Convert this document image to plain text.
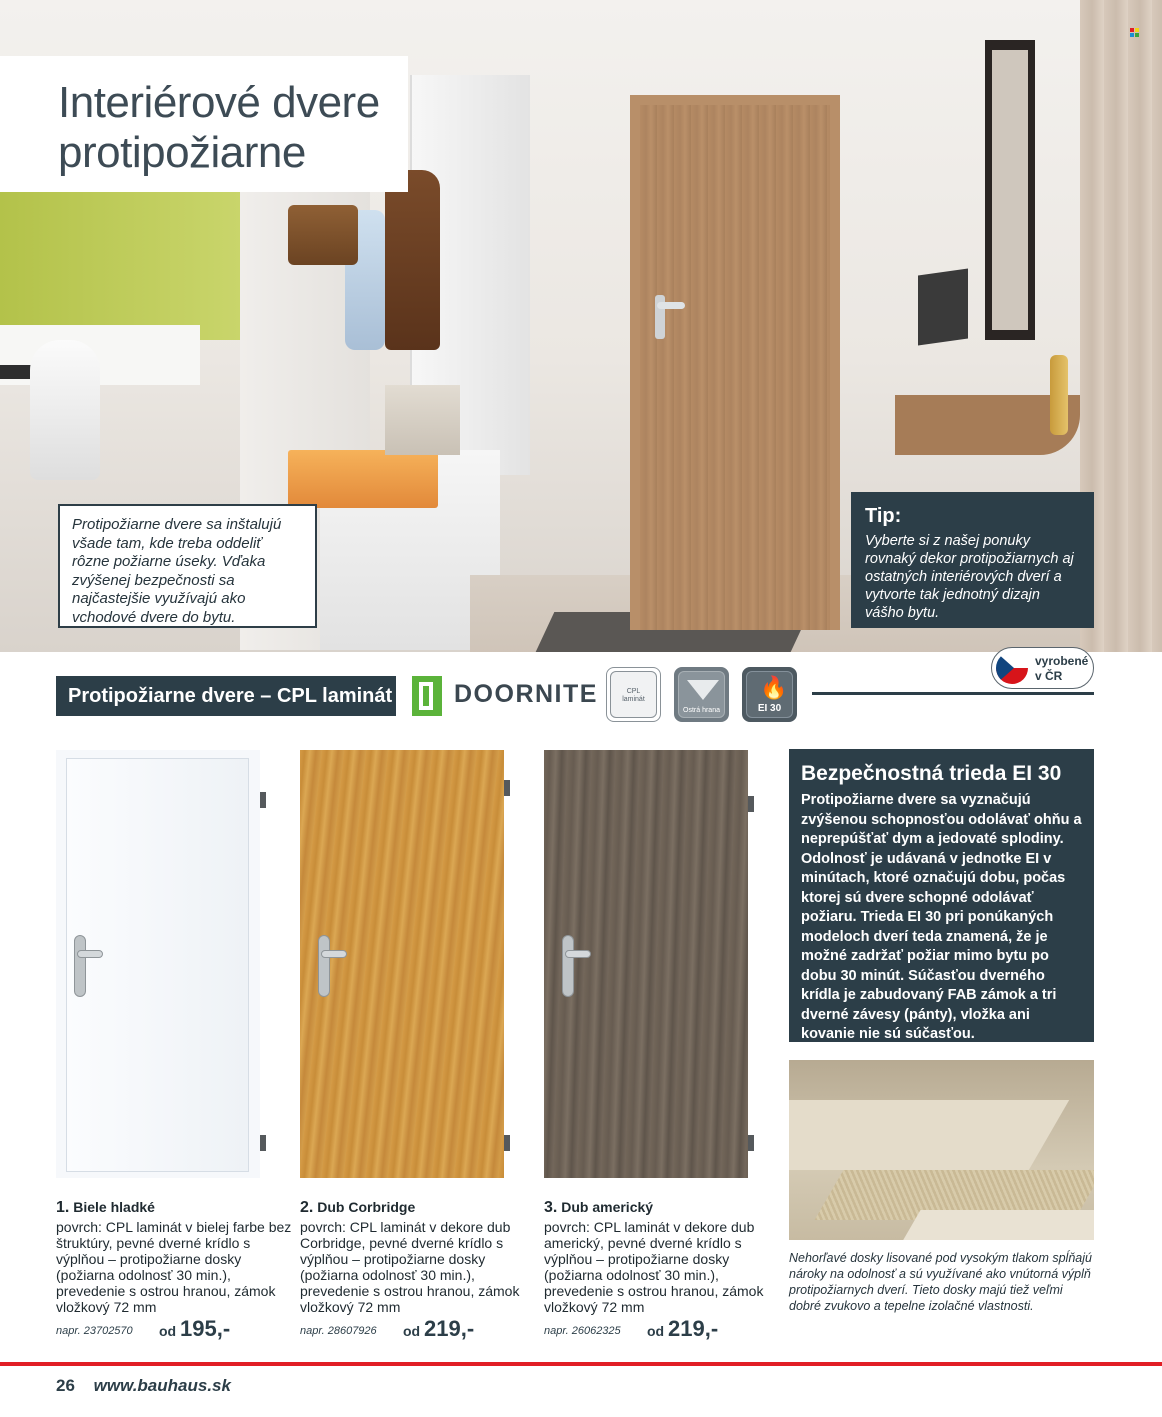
Interiérové dvere
protipožiarne

Protipožiarne dvere sa inštalujú všade tam, kde treba oddeliť rôzne požiarne úseky. Vďaka zvýšenej bezpečnosti sa najčastejšie využívajú ako vchodové dvere do bytu.

Tip:

Vyberte si z našej ponuky rovnaký dekor protipožiarnych aj ostatných interiérových dverí a vytvorte tak jednotný dizajn vášho bytu.

Protipožiarne dvere – CPL laminát DOORNITE	CPL
laminát
Ostrá hrana
🔥
EI 30
vyrobené
v ČR
1. Biele hladké

povrch: CPL laminát v bielej farbe bez štruktúry, pevné dverné krídlo s výplňou – protipožiarne dosky (požiarna odolnosť 30 min.), prevedenie s ostrou hranou, zámok vložkový 72 mm

napr. 23702570 od 195,-
2. Dub Corbridge

povrch: CPL laminát v dekore dub Corbridge, pevné dverné krídlo s výplňou – protipožiarne dosky (požiarna odolnosť 30 min.), prevedenie s ostrou hranou, zámok vložkový 72 mm

napr. 28607926 od 219,-
3. Dub americký

povrch: CPL laminát v dekore dub americký, pevné dverné krídlo s výplňou – protipožiarne dosky (požiarna odolnosť 30 min.), prevedenie s ostrou hranou, zámok vložkový 72 mm

napr. 26062325 od 219,-
Bezpečnostná trieda EI 30

Protipožiarne dvere sa vyznačujú zvýšenou schopnosťou odolávať ohňu a neprepúšťať dym a jedovaté splodiny. Odolnosť je udávaná v jednotke EI v minútach, ktoré označujú dobu, počas ktorej sú dvere schopné odolávať požiaru. Trieda EI 30 pri ponúkaných modeloch dverí teda znamená, že je možné zadržať požiar mimo bytu po dobu 30 minút. Súčasťou dverného krídla je zabudovaný FAB zámok a tri dverné závesy (pánty), vložka ani kovanie nie sú súčasťou.

Nehorľavé dosky lisované pod vysokým tlakom spĺňajú nároky na odolnosť a sú využívané ako vnútorná výplň protipožiarnych dverí. Tieto dosky majú tiež veľmi dobré zvukovo a tepelne izolačné vlastnosti.

26 www.bauhaus.sk
